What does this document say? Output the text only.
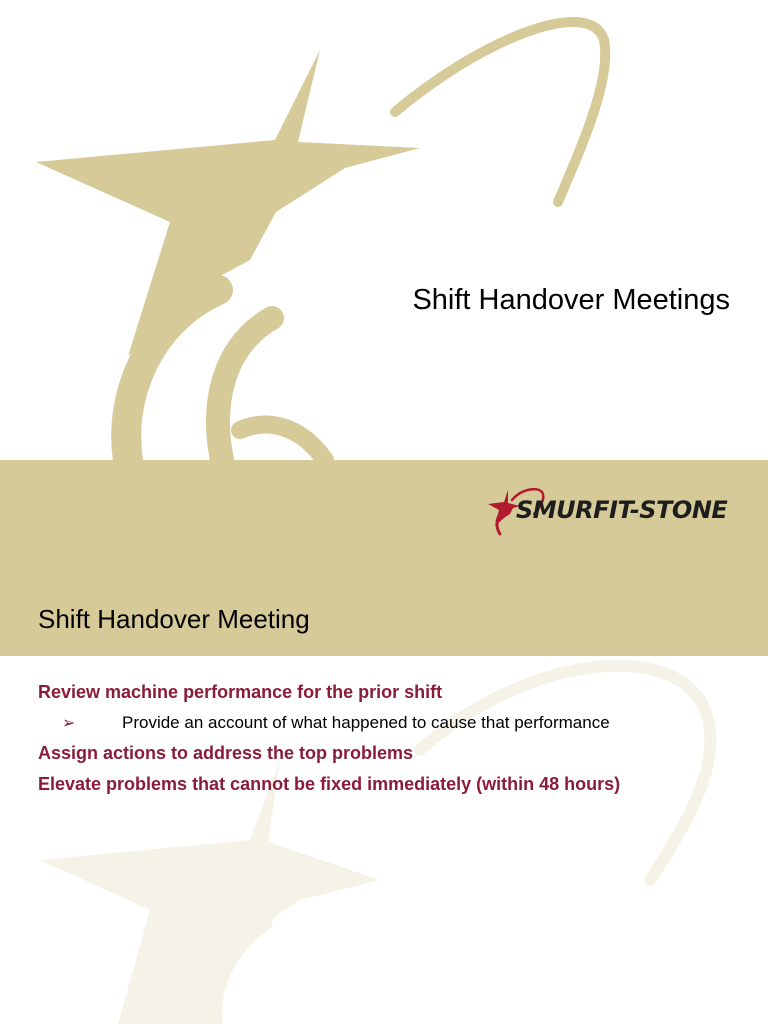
Shift Handover Meetings
SMURFIT-STONE
Shift Handover Meeting
Review machine performance for the prior shift
➢	Provide an account of what happened to cause that performance
Assign actions to address the top problems
Elevate problems that cannot be fixed immediately (within 48 hours)
